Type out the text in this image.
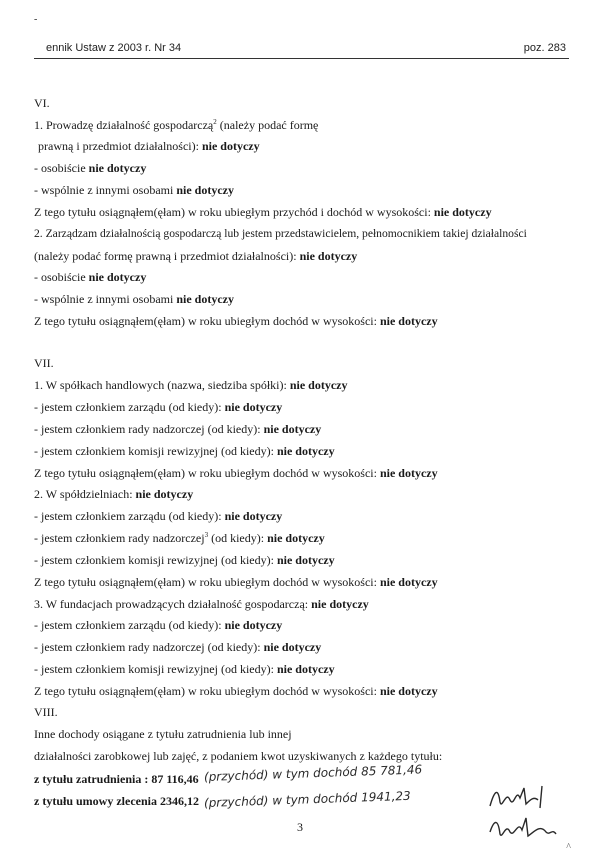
-
ennik Ustaw z 2003 r. Nr 34	poz. 283
VI.
1. Prowadzę działalność gospodarczą$^2$ (należy podać formę
prawną i przedmiot działalności): nie dotyczy
- osobiście nie dotyczy
- wspólnie z innymi osobami nie dotyczy
Z tego tytułu osiągnąłem(ęłam) w roku ubiegłym przychód i dochód w wysokości: nie dotyczy
2. Zarządzam działalnością gospodarczą lub jestem przedstawicielem, pełnomocnikiem takiej działalności
(należy podać formę prawną i przedmiot działalności): nie dotyczy
- osobiście nie dotyczy
- wspólnie z innymi osobami nie dotyczy
Z tego tytułu osiągnąłem(ęłam) w roku ubiegłym dochód w wysokości: nie dotyczy
VII.
1. W spółkach handlowych (nazwa, siedziba spółki): nie dotyczy
- jestem członkiem zarządu (od kiedy): nie dotyczy
- jestem członkiem rady nadzorczej (od kiedy): nie dotyczy
- jestem członkiem komisji rewizyjnej (od kiedy): nie dotyczy
Z tego tytułu osiągnąłem(ęłam) w roku ubiegłym dochód w wysokości: nie dotyczy
2. W spółdzielniach: nie dotyczy
- jestem członkiem zarządu (od kiedy): nie dotyczy
- jestem członkiem rady nadzorczej$^3$ (od kiedy): nie dotyczy
- jestem członkiem komisji rewizyjnej (od kiedy): nie dotyczy
Z tego tytułu osiągnąłem(ęłam) w roku ubiegłym dochód w wysokości: nie dotyczy
3. W fundacjach prowadzących działalność gospodarczą: nie dotyczy
- jestem członkiem zarządu (od kiedy): nie dotyczy
- jestem członkiem rady nadzorczej (od kiedy): nie dotyczy
- jestem członkiem komisji rewizyjnej (od kiedy): nie dotyczy
Z tego tytułu osiągnąłem(ęłam) w roku ubiegłym dochód w wysokości: nie dotyczy
VIII.
Inne dochody osiągane z tytułu zatrudnienia lub innej
działalności zarobkowej lub zajęć, z podaniem kwot uzyskiwanych z każdego tytułu:
z tytułu zatrudnienia : 87 116,46
z tytułu umowy zlecenia 2346,12
(przychód) w tym dochód 85 781,46
(przychód) w tym dochód 1941,23
3
^
